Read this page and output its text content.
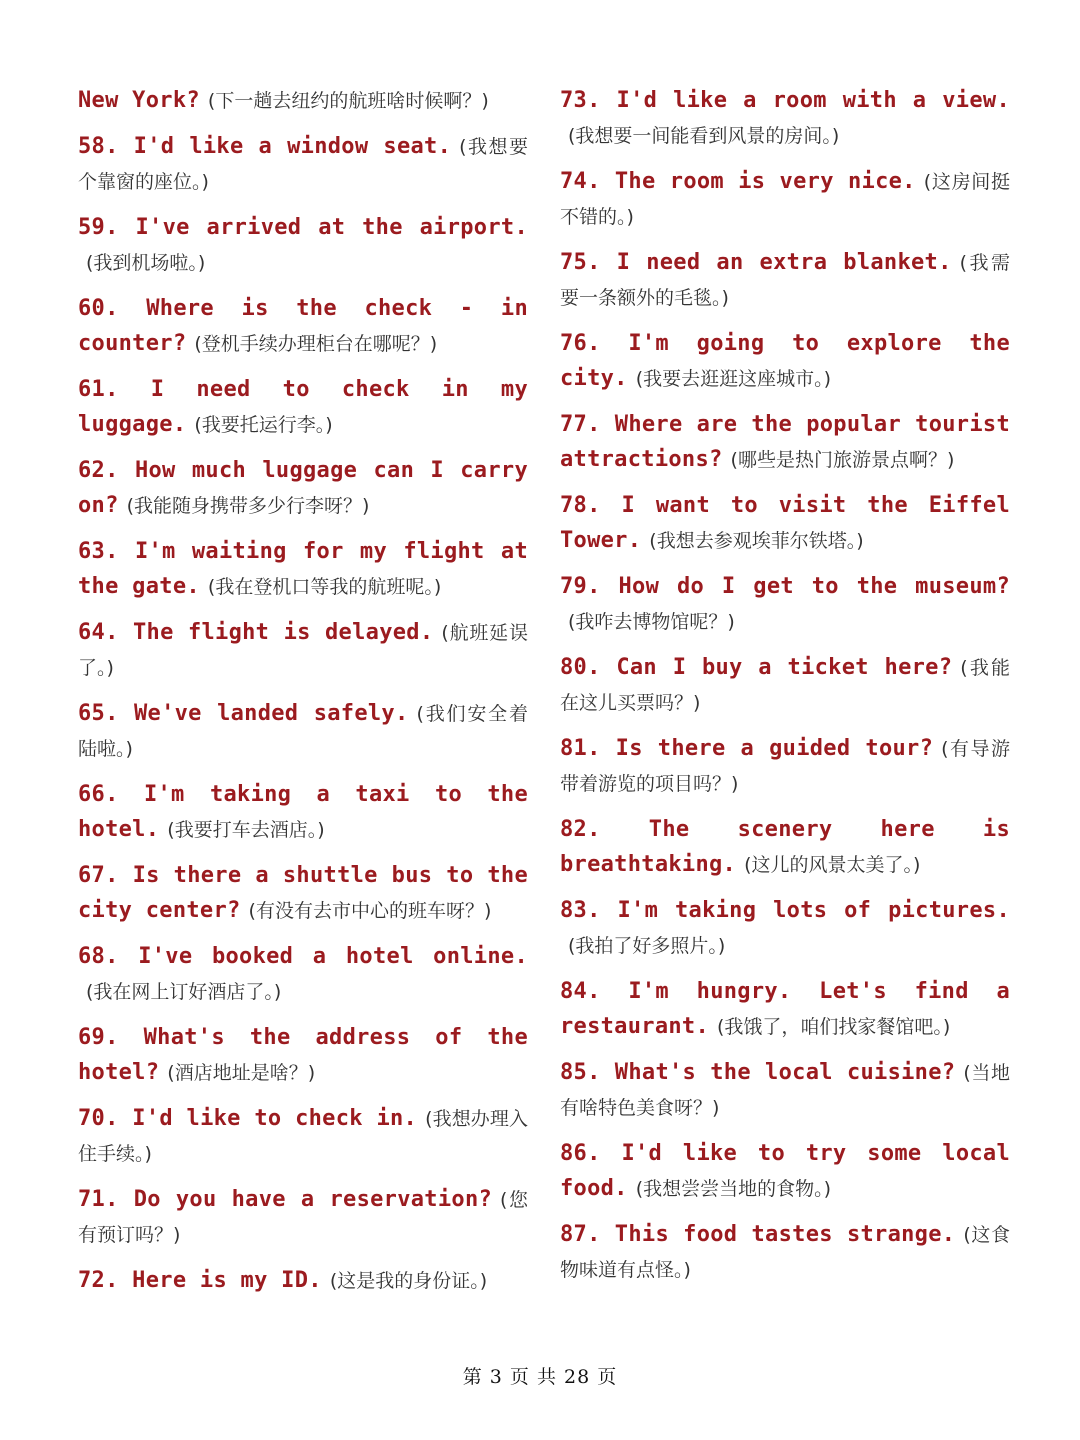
New York? (下一趟去纽约的航班啥时候啊？)

58. I'd like a window seat. (我想要个靠窗的座位。)

59. I've arrived at the airport.(我到机场啦。)

60. Where is the check - in counter? (登机手续办理柜台在哪呢？)

61. I need to check in my luggage. (我要托运行李。)

62. How much luggage can I carry on? (我能随身携带多少行李呀？)

63. I'm waiting for my flight at the gate. (我在登机口等我的航班呢。)

64. The flight is delayed. (航班延误了。)

65. We've landed safely. (我们安全着陆啦。)

66. I'm taking a taxi to the hotel. (我要打车去酒店。)

67. Is there a shuttle bus to the city center? (有没有去市中心的班车呀？)

68. I've booked a hotel online.(我在网上订好酒店了。)

69. What's the address of the hotel? (酒店地址是啥？)

70. I'd like to check in. (我想办理入住手续。)

71. Do you have a reservation? (您有预订吗？)

72. Here is my ID. (这是我的身份证。)

73. I'd like a room with a view.(我想要一间能看到风景的房间。)

74. The room is very nice. (这房间挺不错的。)

75. I need an extra blanket. (我需要一条额外的毛毯。)

76. I'm going to explore the city. (我要去逛逛这座城市。)

77. Where are the popular tourist attractions? (哪些是热门旅游景点啊？)

78. I want to visit the Eiffel Tower. (我想去参观埃菲尔铁塔。)

79. How do I get to the museum?(我咋去博物馆呢？)

80. Can I buy a ticket here? (我能在这儿买票吗？)

81. Is there a guided tour? (有导游带着游览的项目吗？)

82. The scenery here is breathtaking. (这儿的风景太美了。)

83. I'm taking lots of pictures.(我拍了好多照片。)

84. I'm hungry. Let's find a restaurant. (我饿了，咱们找家餐馆吧。)

85. What's the local cuisine? (当地有啥特色美食呀？)

86. I'd like to try some local food. (我想尝尝当地的食物。)

87. This food tastes strange. (这食物味道有点怪。)

第 3 页 共 28 页
